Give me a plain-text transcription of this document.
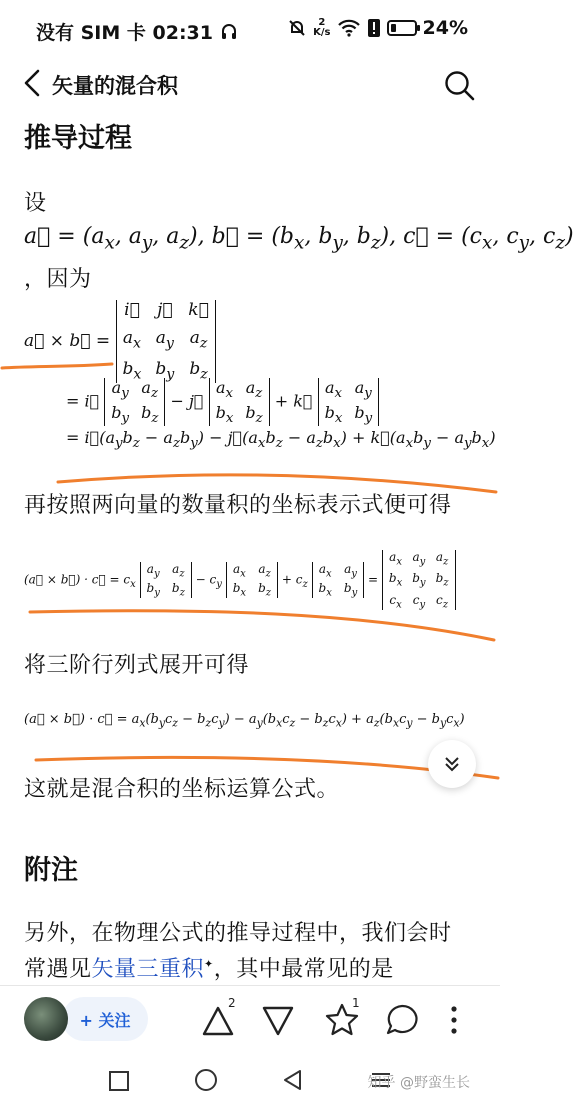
没有 SIM 卡 02:31	2
K/s	24%
矢量的混合积
推导过程
设
a⃗ = ($a_x$, $a_y$, $a_z$), b⃗ = ($b_x$, $b_y$, $b_z$), c⃗ = ($c_x$, $c_y$, $c_z$)
，因为
a⃗ × b⃗ =
i⃗ j⃗ k⃗
$a_x$ $a_y$ $a_z$
$b_x$ $b_y$ $b_z$
= i⃗
$a_y$ $a_z$
$b_y$ $b_z$
− j⃗
$a_x$ $a_z$
$b_x$ $b_z$
+ k⃗
$a_x$ $a_y$
$b_x$ $b_y$
= $i⃗(a_yb_z - a_zb_y)$ − $j⃗(a_xb_z - a_zb_x)$ + $k⃗(a_xb_y - a_yb_x)$
再按照两向量的数量积的坐标表示式便可得
(a⃗ × b⃗) · c⃗ = $c_x$
$a_y$ $a_z$
$b_y$ $b_z$
− $c_y$
$a_x$ $a_z$
$b_x$ $b_z$
+ $c_z$
$a_x$ $a_y$
$b_x$ $b_y$
=
$a_x$ $a_y$ $a_z$
$b_x$ $b_y$ $b_z$
$c_x$ $c_y$ $c_z$
将三阶行列式展开可得
(a⃗ × b⃗) · c⃗ = $a_x(b_yc_z - b_zc_y) - a_y(b_xc_z - b_zc_x) + a_z(b_xc_y - b_yc_x)$
这就是混合积的坐标运算公式。
附注
另外，在物理公式的推导过程中，我们会时
常遇见矢量三重积✦，其中最常见的是
+ 关注
2	1
知乎 @野蛮生长
